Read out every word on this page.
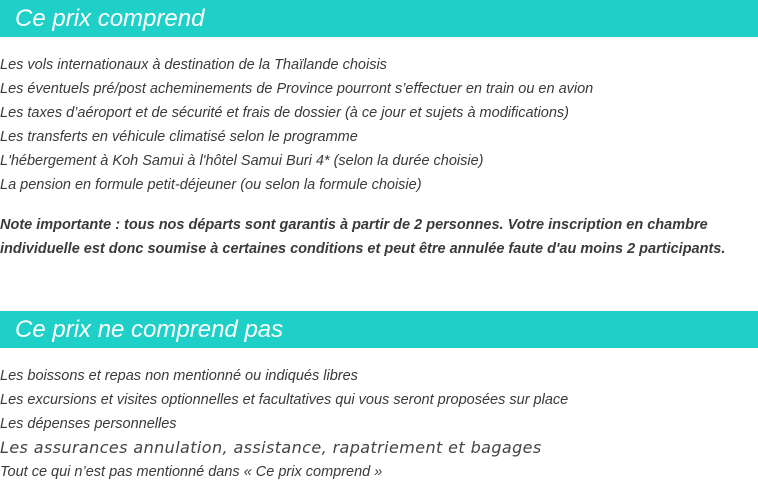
Ce prix comprend
Les vols internationaux à destination de la Thaïlande choisis
Les éventuels pré/post acheminements de Province pourront s’effectuer en train ou en avion
Les taxes d’aéroport et de sécurité et frais de dossier (à ce jour et sujets à modifications)
Les transferts en véhicule climatisé selon le programme
L'hébergement à Koh Samui à l'hôtel Samui Buri 4* (selon la durée choisie)
La pension en formule petit-déjeuner (ou selon la formule choisie)
Note importante : tous nos départs sont garantis à partir de 2 personnes. Votre inscription en chambre individuelle est donc soumise à certaines conditions et peut être annulée faute d'au moins 2 participants.
Ce prix ne comprend pas
Les boissons et repas non mentionné ou indiqués libres
Les excursions et visites optionnelles et facultatives qui vous seront proposées sur place
Les dépenses personnelles
Les assurances annulation, assistance, rapatriement et bagages
Tout ce qui n’est pas mentionné dans « Ce prix comprend »
